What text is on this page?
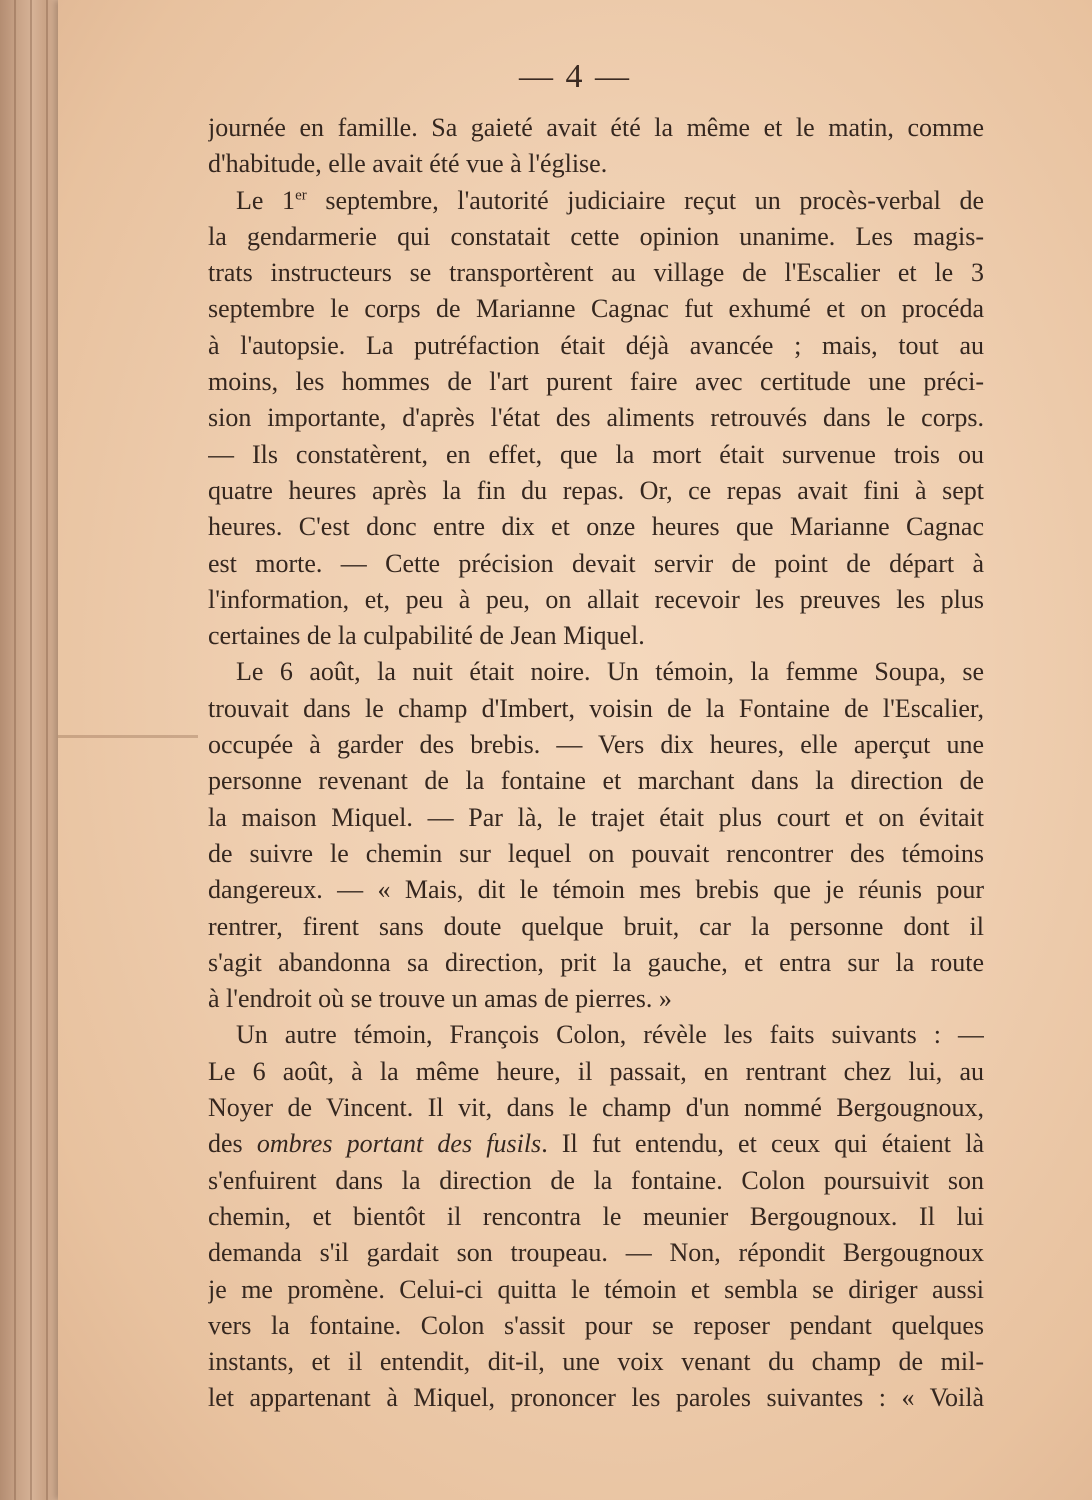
— 4 —
journée en famille. Sa gaieté avait été la même et le matin, comme
d'habitude, elle avait été vue à l'église.
Le 1er septembre, l'autorité judiciaire reçut un procès-verbal de
la gendarmerie qui constatait cette opinion unanime. Les magis-
trats instructeurs se transportèrent au village de l'Escalier et le 3
septembre le corps de Marianne Cagnac fut exhumé et on procéda
à l'autopsie. La putréfaction était déjà avancée ; mais, tout au
moins, les hommes de l'art purent faire avec certitude une préci-
sion importante, d'après l'état des aliments retrouvés dans le corps.
— Ils constatèrent, en effet, que la mort était survenue trois ou
quatre heures après la fin du repas. Or, ce repas avait fini à sept
heures. C'est donc entre dix et onze heures que Marianne Cagnac
est morte. — Cette précision devait servir de point de départ à
l'information, et, peu à peu, on allait recevoir les preuves les plus
certaines de la culpabilité de Jean Miquel.
Le 6 août, la nuit était noire. Un témoin, la femme Soupa, se
trouvait dans le champ d'Imbert, voisin de la Fontaine de l'Escalier,
occupée à garder des brebis. — Vers dix heures, elle aperçut une
personne revenant de la fontaine et marchant dans la direction de
la maison Miquel. — Par là, le trajet était plus court et on évitait
de suivre le chemin sur lequel on pouvait rencontrer des témoins
dangereux. — « Mais, dit le témoin mes brebis que je réunis pour
rentrer, firent sans doute quelque bruit, car la personne dont il
s'agit abandonna sa direction, prit la gauche, et entra sur la route
à l'endroit où se trouve un amas de pierres. »
Un autre témoin, François Colon, révèle les faits suivants : —
Le 6 août, à la même heure, il passait, en rentrant chez lui, au
Noyer de Vincent. Il vit, dans le champ d'un nommé Bergougnoux,
des ombres portant des fusils. Il fut entendu, et ceux qui étaient là
s'enfuirent dans la direction de la fontaine. Colon poursuivit son
chemin, et bientôt il rencontra le meunier Bergougnoux. Il lui
demanda s'il gardait son troupeau. — Non, répondit Bergougnoux
je me promène. Celui-ci quitta le témoin et sembla se diriger aussi
vers la fontaine. Colon s'assit pour se reposer pendant quelques
instants, et il entendit, dit-il, une voix venant du champ de mil-
let appartenant à Miquel, prononcer les paroles suivantes : « Voilà
